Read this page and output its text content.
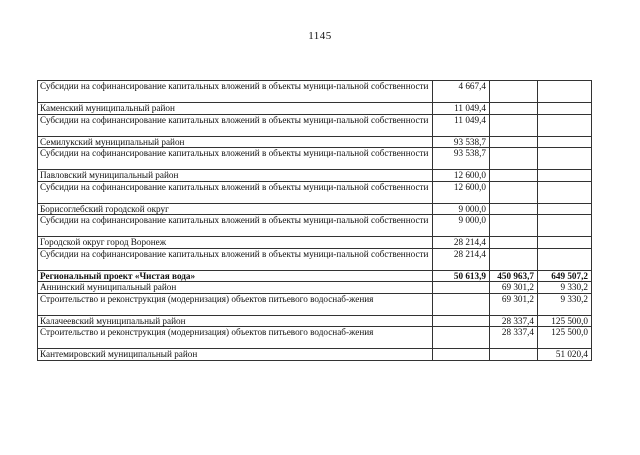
1145
Субсидии на софинансирование капитальных вложений в объекты муници-пальной собственности	4 667,4		
Каменский муниципальный район	11 049,4		
Субсидии на софинансирование капитальных вложений в объекты муници-пальной собственности	11 049,4		
Семилукский муниципальный район	93 538,7		
Субсидии на софинансирование капитальных вложений в объекты муници-пальной собственности	93 538,7		
Павловский муниципальный район	12 600,0		
Субсидии на софинансирование капитальных вложений в объекты муници-пальной собственности	12 600,0		
Борисоглебский городской округ	9 000,0		
Субсидии на софинансирование капитальных вложений в объекты муници-пальной собственности	9 000,0		
Городской округ город Воронеж	28 214,4		
Субсидии на софинансирование капитальных вложений в объекты муници-пальной собственности	28 214,4		
Региональный проект «Чистая вода»	50 613,9	450 963,7	649 507,2
Аннинский муниципальный район		69 301,2	9 330,2
Строительство и реконструкция (модернизация) объектов питьевого водоснаб-жения		69 301,2	9 330,2
Калачеевский муниципальный район		28 337,4	125 500,0
Строительство и реконструкция (модернизация) объектов питьевого водоснаб-жения		28 337,4	125 500,0
Кантемировский муниципальный район			51 020,4
